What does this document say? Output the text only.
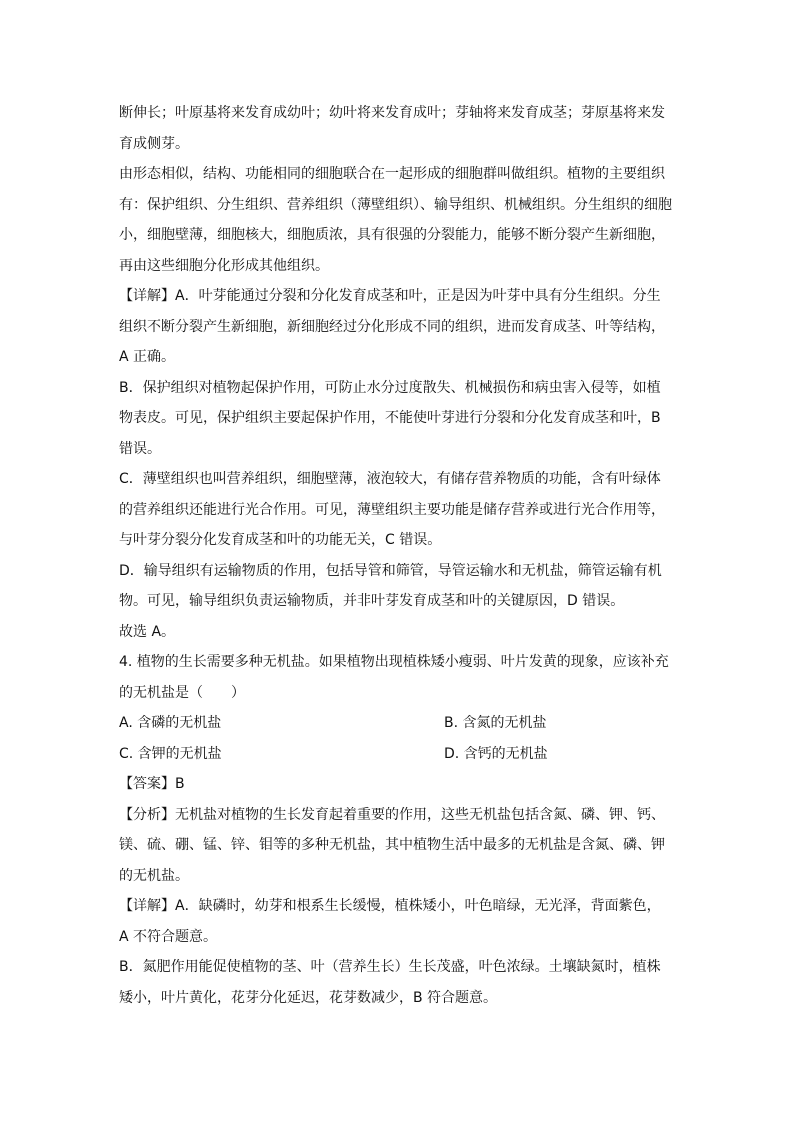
断伸长；叶原基将来发育成幼叶；幼叶将来发育成叶；芽轴将来发育成茎；芽原基将来发
育成侧芽。
由形态相似，结构、功能相同的细胞联合在一起形成的细胞群叫做组织。植物的主要组织
有：保护组织、分生组织、营养组织（薄壁组织）、输导组织、机械组织。分生组织的细胞
小，细胞壁薄，细胞核大，细胞质浓，具有很强的分裂能力，能够不断分裂产生新细胞，
再由这些细胞分化形成其他组织。
【详解】A．叶芽能通过分裂和分化发育成茎和叶，正是因为叶芽中具有分生组织。分生
组织不断分裂产生新细胞，新细胞经过分化形成不同的组织，进而发育成茎、叶等结构，
A 正确。
B．保护组织对植物起保护作用，可防止水分过度散失、机械损伤和病虫害入侵等，如植
物表皮。可见，保护组织主要起保护作用，不能使叶芽进行分裂和分化发育成茎和叶，B
错误。
C．薄壁组织也叫营养组织，细胞壁薄，液泡较大，有储存营养物质的功能，含有叶绿体
的营养组织还能进行光合作用。可见，薄壁组织主要功能是储存营养或进行光合作用等，
与叶芽分裂分化发育成茎和叶的功能无关，C 错误。
D．输导组织有运输物质的作用，包括导管和筛管，导管运输水和无机盐，筛管运输有机
物。可见，输导组织负责运输物质，并非叶芽发育成茎和叶的关键原因，D 错误。
故选 A。
4. 植物的生长需要多种无机盐。如果植物出现植株矮小瘦弱、叶片发黄的现象，应该补充
的无机盐是（　　）
A. 含磷的无机盐	B. 含氮的无机盐
C. 含钾的无机盐	D. 含钙的无机盐
【答案】B
【分析】无机盐对植物的生长发育起着重要的作用，这些无机盐包括含氮、磷、钾、钙、
镁、硫、硼、锰、锌、钼等的多种无机盐，其中植物生活中最多的无机盐是含氮、磷、钾
的无机盐。
【详解】A．缺磷时，幼芽和根系生长缓慢，植株矮小，叶色暗绿，无光泽，背面紫色，
A 不符合题意。
B．氮肥作用能促使植物的茎、叶（营养生长）生长茂盛，叶色浓绿。土壤缺氮时，植株
矮小，叶片黄化，花芽分化延迟，花芽数减少，B 符合题意。
